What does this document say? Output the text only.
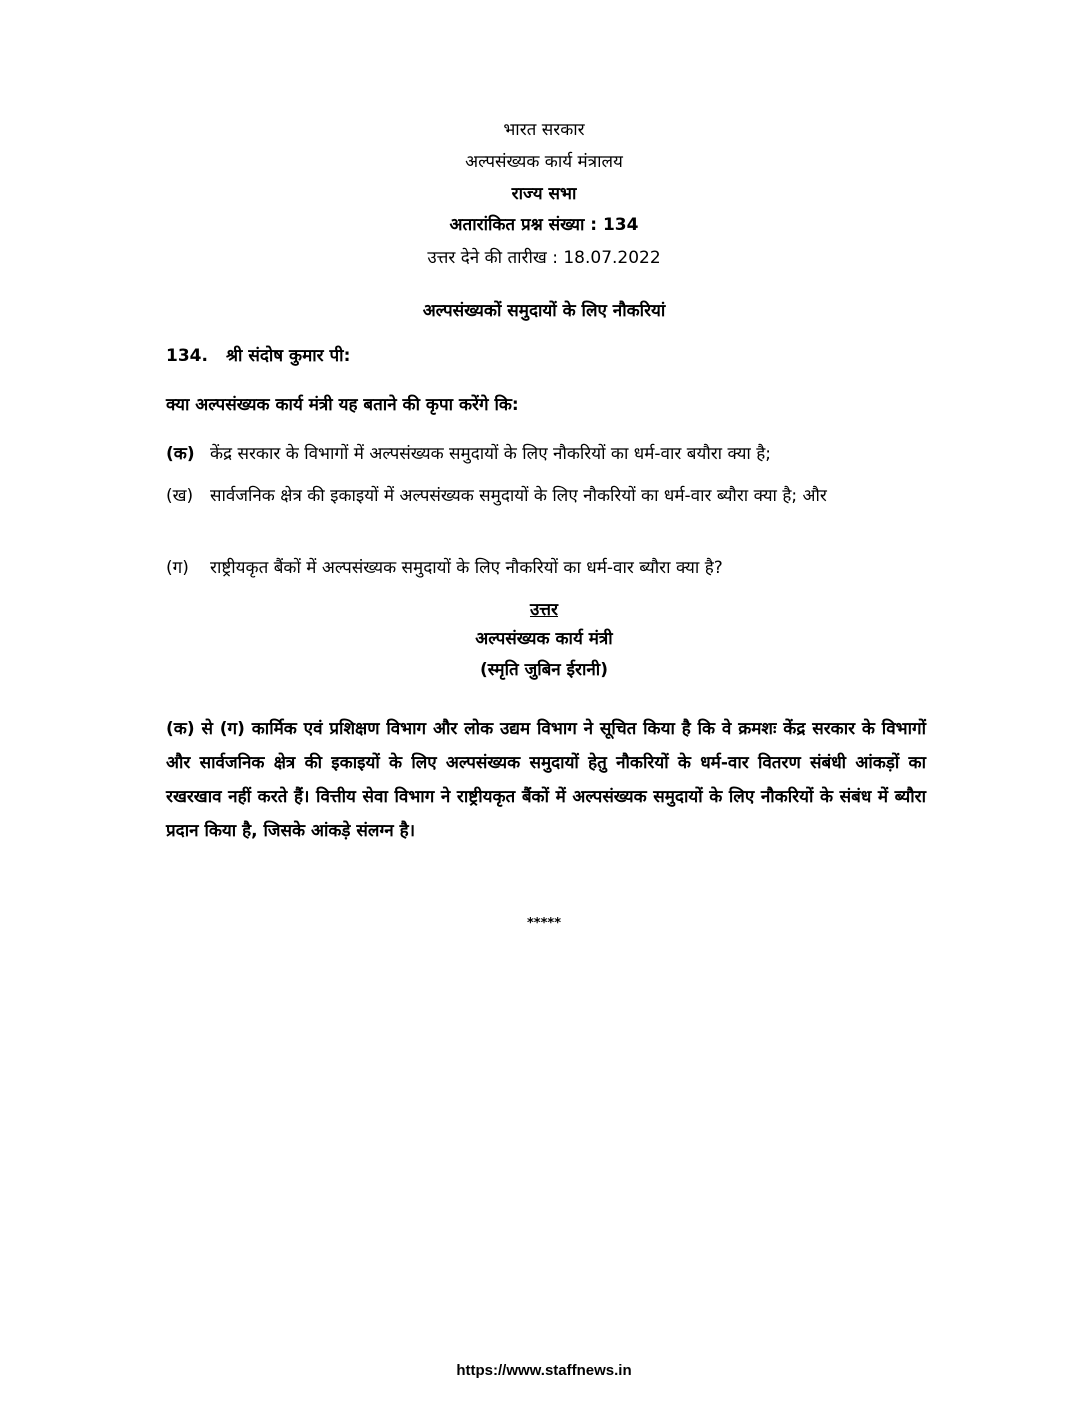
भारत सरकार
अल्पसंख्यक कार्य मंत्रालय
राज्य सभा
अतारांकित प्रश्न संख्या : 134
उत्तर देने की तारीख : 18.07.2022
अल्पसंख्यकों समुदायों के लिए नौकरियां
134. श्री संदोष कुमार पी:
क्या अल्पसंख्यक कार्य मंत्री यह बताने की कृपा करेंगे कि:
(क) केंद्र सरकार के विभागों में अल्पसंख्यक समुदायों के लिए नौकरियों का धर्म-वार बयौरा क्या है;
(ख) सार्वजनिक क्षेत्र की इकाइयों में अल्पसंख्यक समुदायों के लिए नौकरियों का धर्म-वार ब्यौरा क्या है; और
(ग)	राष्ट्रीयकृत बैंकों में अल्पसंख्यक समुदायों के लिए नौकरियों का धर्म-वार ब्यौरा क्या है?
उत्तर
अल्पसंख्यक कार्य मंत्री
(स्मृति जुबिन ईरानी)
(क) से (ग) कार्मिक एवं प्रशिक्षण विभाग और लोक उद्यम विभाग ने सूचित किया है कि वे क्रमशः केंद्र सरकार के विभागों और सार्वजनिक क्षेत्र की इकाइयों के लिए अल्पसंख्यक समुदायों हेतु नौकरियों के धर्म-वार वितरण संबंधी आंकड़ों का रखरखाव नहीं करते हैं। वित्तीय सेवा विभाग ने राष्ट्रीयकृत बैंकों में अल्पसंख्यक समुदायों के लिए नौकरियों के संबंध में ब्यौरा प्रदान किया है, जिसके आंकड़े संलग्न है।
*****
https://www.staffnews.in
